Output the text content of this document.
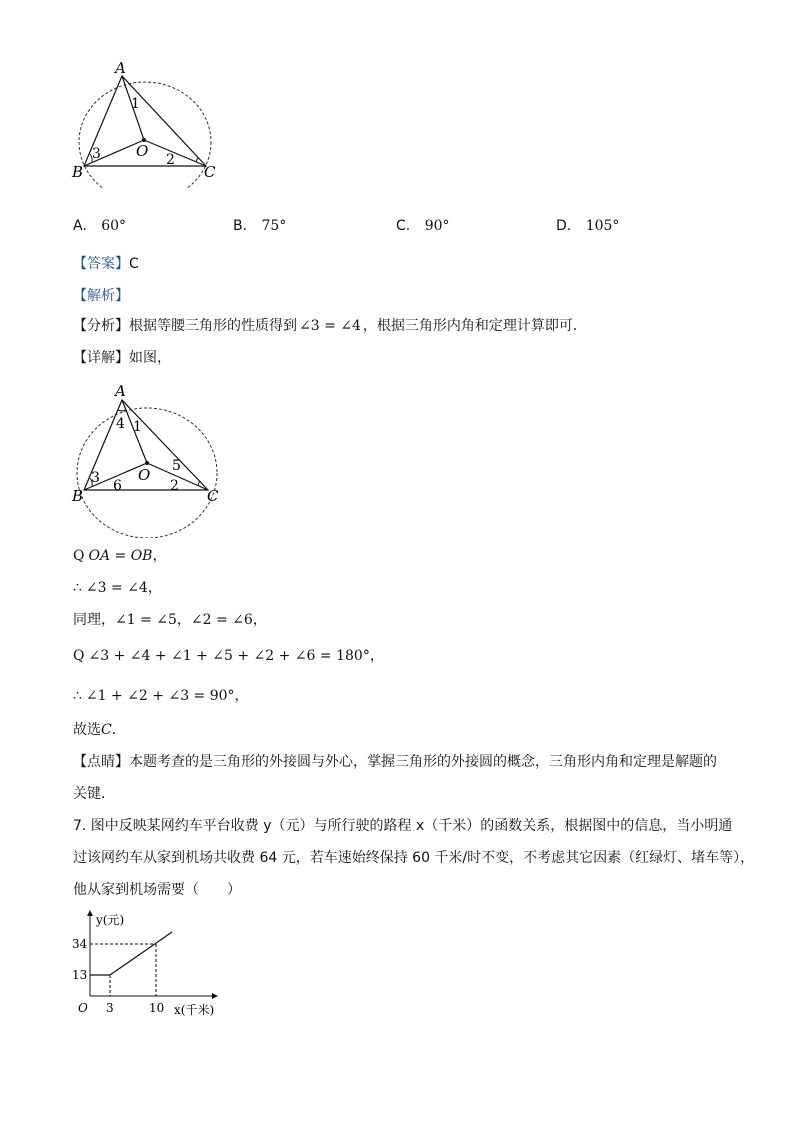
A
B	C
O
1
2
3
A. 60°	B. 75°	C. 90°	D. 105°
【答案】C
【解析】
【分析】根据等腰三角形的性质得到 ∠3 = ∠4 ，根据三角形内角和定理计算即可．
【详解】如图，
A
B	C
O
4 1
3 6	2
5
Q OA = OB，
∴ ∠3 = ∠4，
同理，∠1 = ∠5，∠2 = ∠6，
Q ∠3 + ∠4 + ∠1 + ∠5 + ∠2 + ∠6 = 180°，
∴ ∠1 + ∠2 + ∠3 = 90°，
故选C．
【点睛】本题考查的是三角形的外接圆与外心，掌握三角形的外接圆的概念，三角形内角和定理是解题的
关键．
7. 图中反映某网约车平台收费 y（元）与所行驶的路程 x（千米）的函数关系，根据图中的信息，当小明通
过该网约车从家到机场共收费 64 元，若车速始终保持 60 千米/时不变，不考虑其它因素（红绿灯、堵车等），
他从家到机场需要（　　）
y(元)
x(千米)
O
34
13
3	10
